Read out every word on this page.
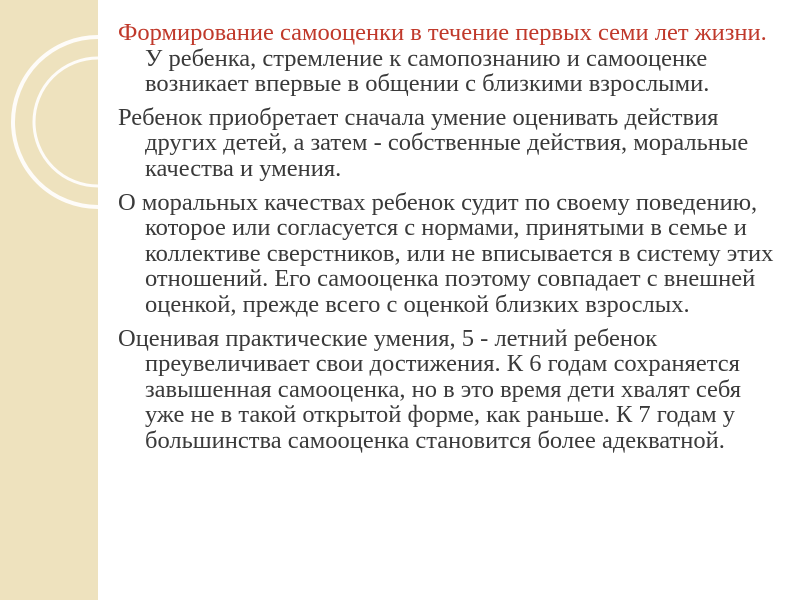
Формирование самооценки в течение первых семи лет жизни. У ребенка, стремление к самопознанию и самооценке возникает впервые в общении с близкими взрослыми.

Ребенок приобретает сначала умение оценивать действия других детей, а затем - собственные действия, моральные качества и умения.

О моральных качествах ребенок судит по своему поведению, которое или согласуется с нормами, принятыми в семье и коллективе сверстников, или не вписывается в систему этих отношений. Его самооценка поэтому совпадает с внешней оценкой, прежде всего с оценкой близких взрослых.

Оценивая практические умения, 5 - летний ребенок преувеличивает свои достижения. К 6 годам сохраняется завышенная самооценка, но в это время дети хвалят себя уже не в такой открытой форме, как раньше. К 7 годам у большинства самооценка становится более адекватной.
